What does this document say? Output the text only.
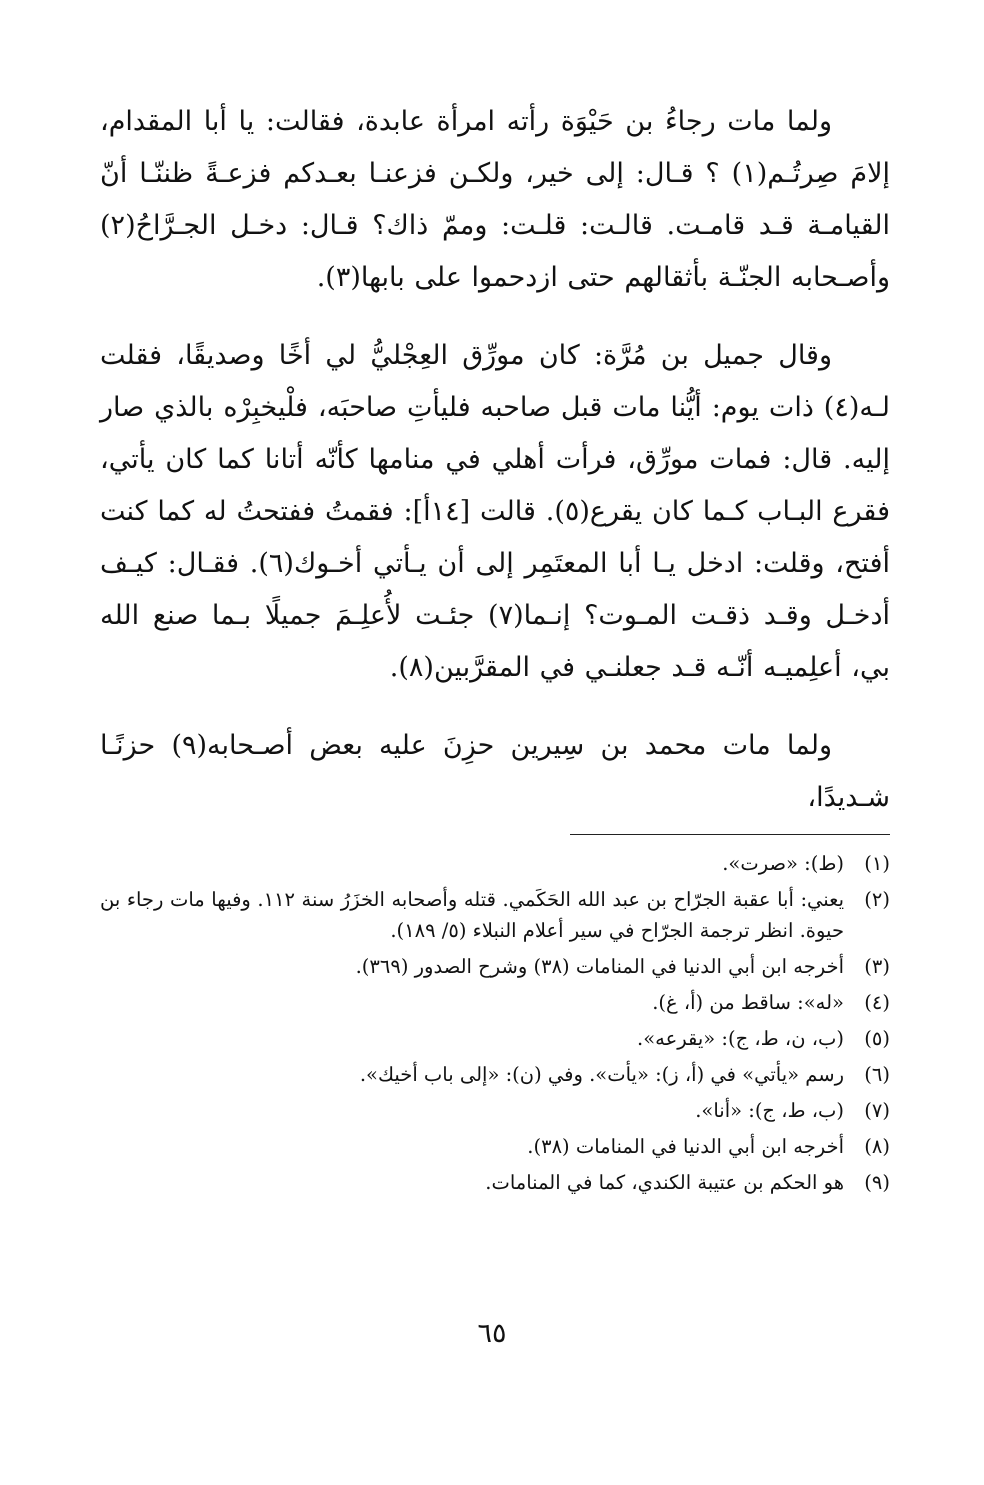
ولما مات رجاءُ بن حَيْوَة رأته امرأة عابدة، فقالت: يا أبا المقدام، إلامَ صِرتُـم(١) ؟ قـال: إلى خير، ولكـن فزعنـا بعـدكم فزعـةً ظننّـا أنّ القيامـة قـد قامـت. قالـت: قلـت: وممّ ذاك؟ قـال: دخـل الجـرَّاحُ(٢) وأصـحابه الجنّـة بأثقالهم حتى ازدحموا على بابها(٣).

وقال جميل بن مُرَّة: كان مورِّق العِجْليُّ لي أخًا وصديقًا، فقلت لـه(٤) ذات يوم: أيُّنا مات قبل صاحبه فليأتِ صاحبَه، فلْيخبِرْه بالذي صار إليه. قال: فمات مورِّق، فرأت أهلي في منامها كأنّه أتانا كما كان يأتي، فقرع البـاب كـما كان يقرع(٥). قالت [١٤أ]: فقمتُ ففتحتُ له كما كنت أفتح، وقلت: ادخل يـا أبا المعتَمِر إلى أن يـأتي أخـوك(٦). فقـال: كيـف أدخـل وقـد ذقـت المـوت؟ إنـما(٧) جئـت لأُعلِـمَ جميلًا بـما صنع الله بي، أعلِميـه أنّـه قـد جعلنـي في المقرَّبين(٨).

ولما مات محمد بن سِيرين حزِنَ عليه بعض أصـحابه(٩) حزنًـا شـديدًا،

(١)
(ط): «صرت».
(٢)
يعني: أبا عقبة الجرّاح بن عبد الله الحَكَمي. قتله وأصحابه الخزَرُ سنة ١١٢. وفيها مات رجاء بن حيوة. انظر ترجمة الجرّاح في سير أعلام النبلاء (٥/ ١٨٩).
(٣)
أخرجه ابن أبي الدنيا في المنامات (٣٨) وشرح الصدور (٣٦٩).
(٤)
«له»: ساقط من (أ، غ).
(٥)
(ب، ن، ط، ج): «يقرعه».
(٦)
رسم «يأتي» في (أ، ز): «يأت». وفي (ن): «إلى باب أخيك».
(٧)
(ب، ط، ج): «أنا».
(٨)
أخرجه ابن أبي الدنيا في المنامات (٣٨).
(٩)
هو الحكم بن عتيبة الكندي، كما في المنامات.
٦٥
